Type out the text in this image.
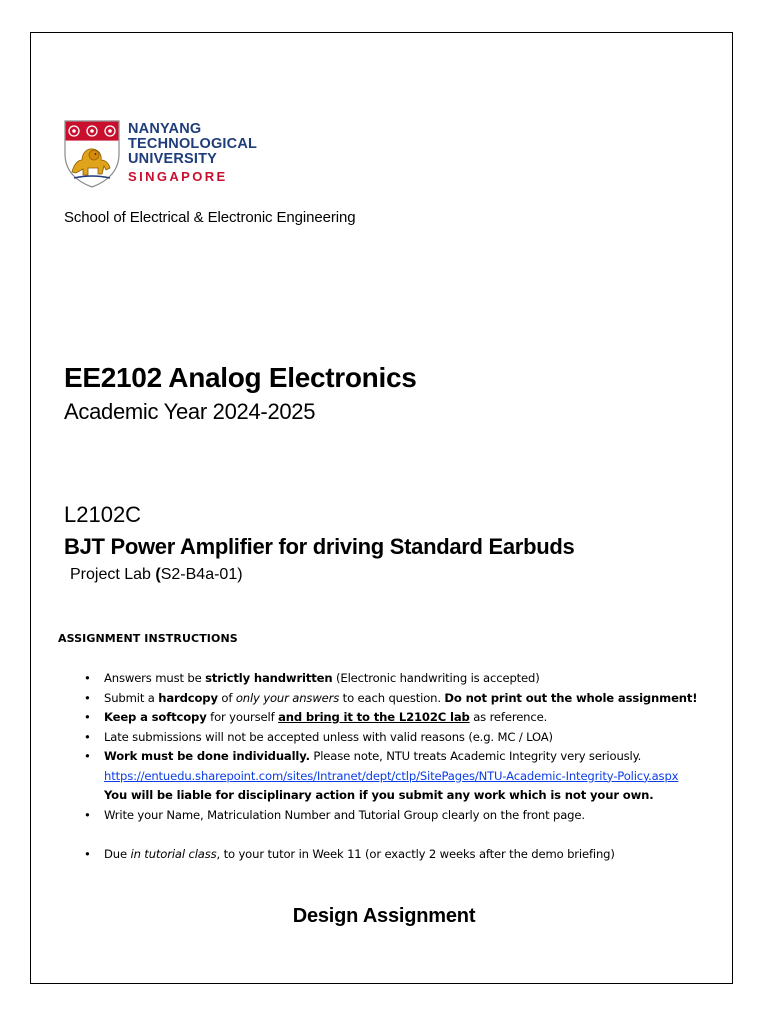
NANYANG
TECHNOLOGICAL
UNIVERSITY
SINGAPORE
School of Electrical & Electronic Engineering
EE2102 Analog Electronics
Academic Year 2024-2025
L2102C
BJT Power Amplifier for driving Standard Earbuds
Project Lab (S2-B4a-01)
ASSIGNMENT INSTRUCTIONS
• Answers must be strictly handwritten (Electronic handwriting is accepted)
• Submit a hardcopy of only your answers to each question. Do not print out the whole assignment!
• Keep a softcopy for yourself and bring it to the L2102C lab as reference.
• Late submissions will not be accepted unless with valid reasons (e.g. MC / LOA)
• Work must be done individually. Please note, NTU treats Academic Integrity very seriously.
https://entuedu.sharepoint.com/sites/Intranet/dept/ctlp/SitePages/NTU-Academic-Integrity-Policy.aspx
You will be liable for disciplinary action if you submit any work which is not your own.
• Write your Name, Matriculation Number and Tutorial Group clearly on the front page.
• Due in tutorial class, to your tutor in Week 11 (or exactly 2 weeks after the demo briefing)
Design Assignment
